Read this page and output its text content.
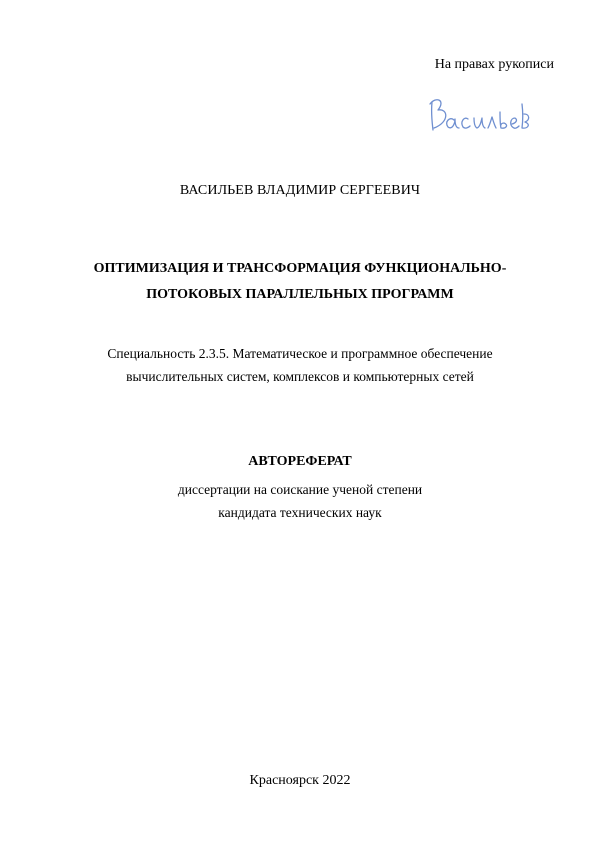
На правах рукописи
ВАСИЛЬЕВ ВЛАДИМИР СЕРГЕЕВИЧ
ОПТИМИЗАЦИЯ И ТРАНСФОРМАЦИЯ ФУНКЦИОНАЛЬНО-
ПОТОКОВЫХ ПАРАЛЛЕЛЬНЫХ ПРОГРАММ
Специальность 2.3.5. Математическое и программное обеспечение
вычислительных систем, комплексов и компьютерных сетей
АВТОРЕФЕРАТ
диссертации на соискание ученой степени
кандидата технических наук
Красноярск 2022
